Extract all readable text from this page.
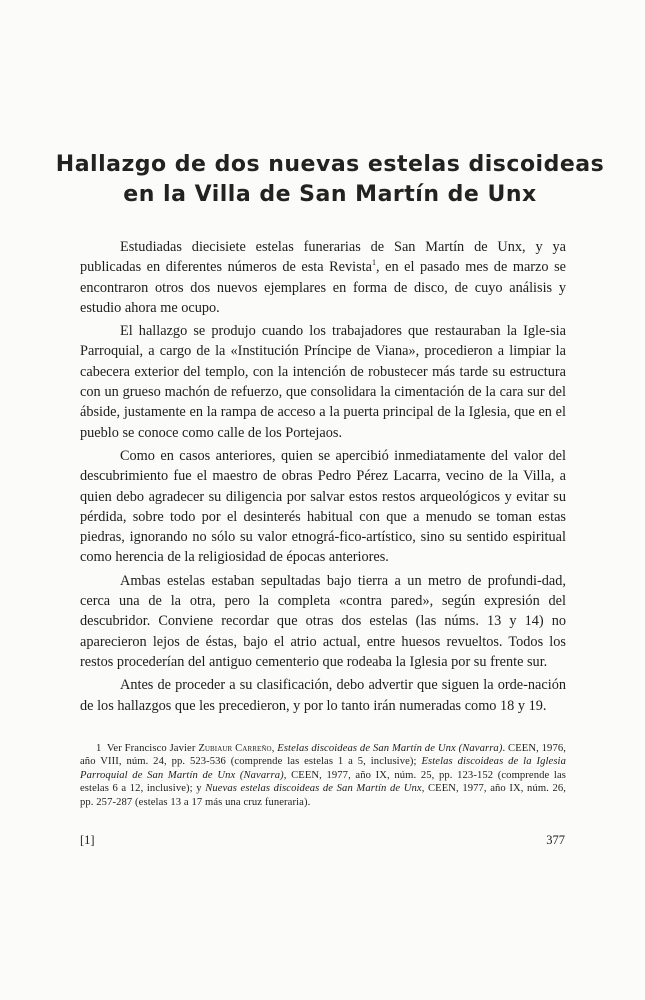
Hallazgo de dos nuevas estelas discoideas
en la Villa de San Martín de Unx

Estudiadas diecisiete estelas funerarias de San Martín de Unx, y ya publicadas en diferentes números de esta Revista$^1$, en el pasado mes de marzo se encontraron otros dos nuevos ejemplares en forma de disco, de cuyo análisis y estudio ahora me ocupo.

El hallazgo se produjo cuando los trabajadores que restauraban la Igle-sia Parroquial, a cargo de la «Institución Príncipe de Viana», procedieron a limpiar la cabecera exterior del templo, con la intención de robustecer más tarde su estructura con un grueso machón de refuerzo, que consolidara la cimentación de la cara sur del ábside, justamente en la rampa de acceso a la puerta principal de la Iglesia, que en el pueblo se conoce como calle de los Portejaos.

Como en casos anteriores, quien se apercibió inmediatamente del valor del descubrimiento fue el maestro de obras Pedro Pérez Lacarra, vecino de la Villa, a quien debo agradecer su diligencia por salvar estos restos arqueológicos y evitar su pérdida, sobre todo por el desinterés habitual con que a menudo se toman estas piedras, ignorando no sólo su valor etnográ-fico-artístico, sino su sentido espiritual como herencia de la religiosidad de épocas anteriores.

Ambas estelas estaban sepultadas bajo tierra a un metro de profundi-dad, cerca una de la otra, pero la completa «contra pared», según expresión del descubridor. Conviene recordar que otras dos estelas (las núms. 13 y 14) no aparecieron lejos de éstas, bajo el atrio actual, entre huesos revueltos. Todos los restos procederían del antiguo cementerio que rodeaba la Iglesia por su frente sur.

Antes de proceder a su clasificación, debo advertir que siguen la orde-nación de los hallazgos que les precedieron, y por lo tanto irán numeradas como 18 y 19.

1 Ver Francisco Javier Zubiaur Carreño, Estelas discoideas de San Martín de Unx (Navarra). CEEN, 1976, año VIII, núm. 24, pp. 523-536 (comprende las estelas 1 a 5, inclusive); Estelas discoideas de la Iglesia Parroquial de San Martín de Unx (Navarra), CEEN, 1977, año IX, núm. 25, pp. 123-152 (comprende las estelas 6 a 12, inclusive); y Nuevas estelas discoideas de San Martín de Unx, CEEN, 1977, año IX, núm. 26, pp. 257-287 (estelas 13 a 17 más una cruz funeraria).
[1]	377
